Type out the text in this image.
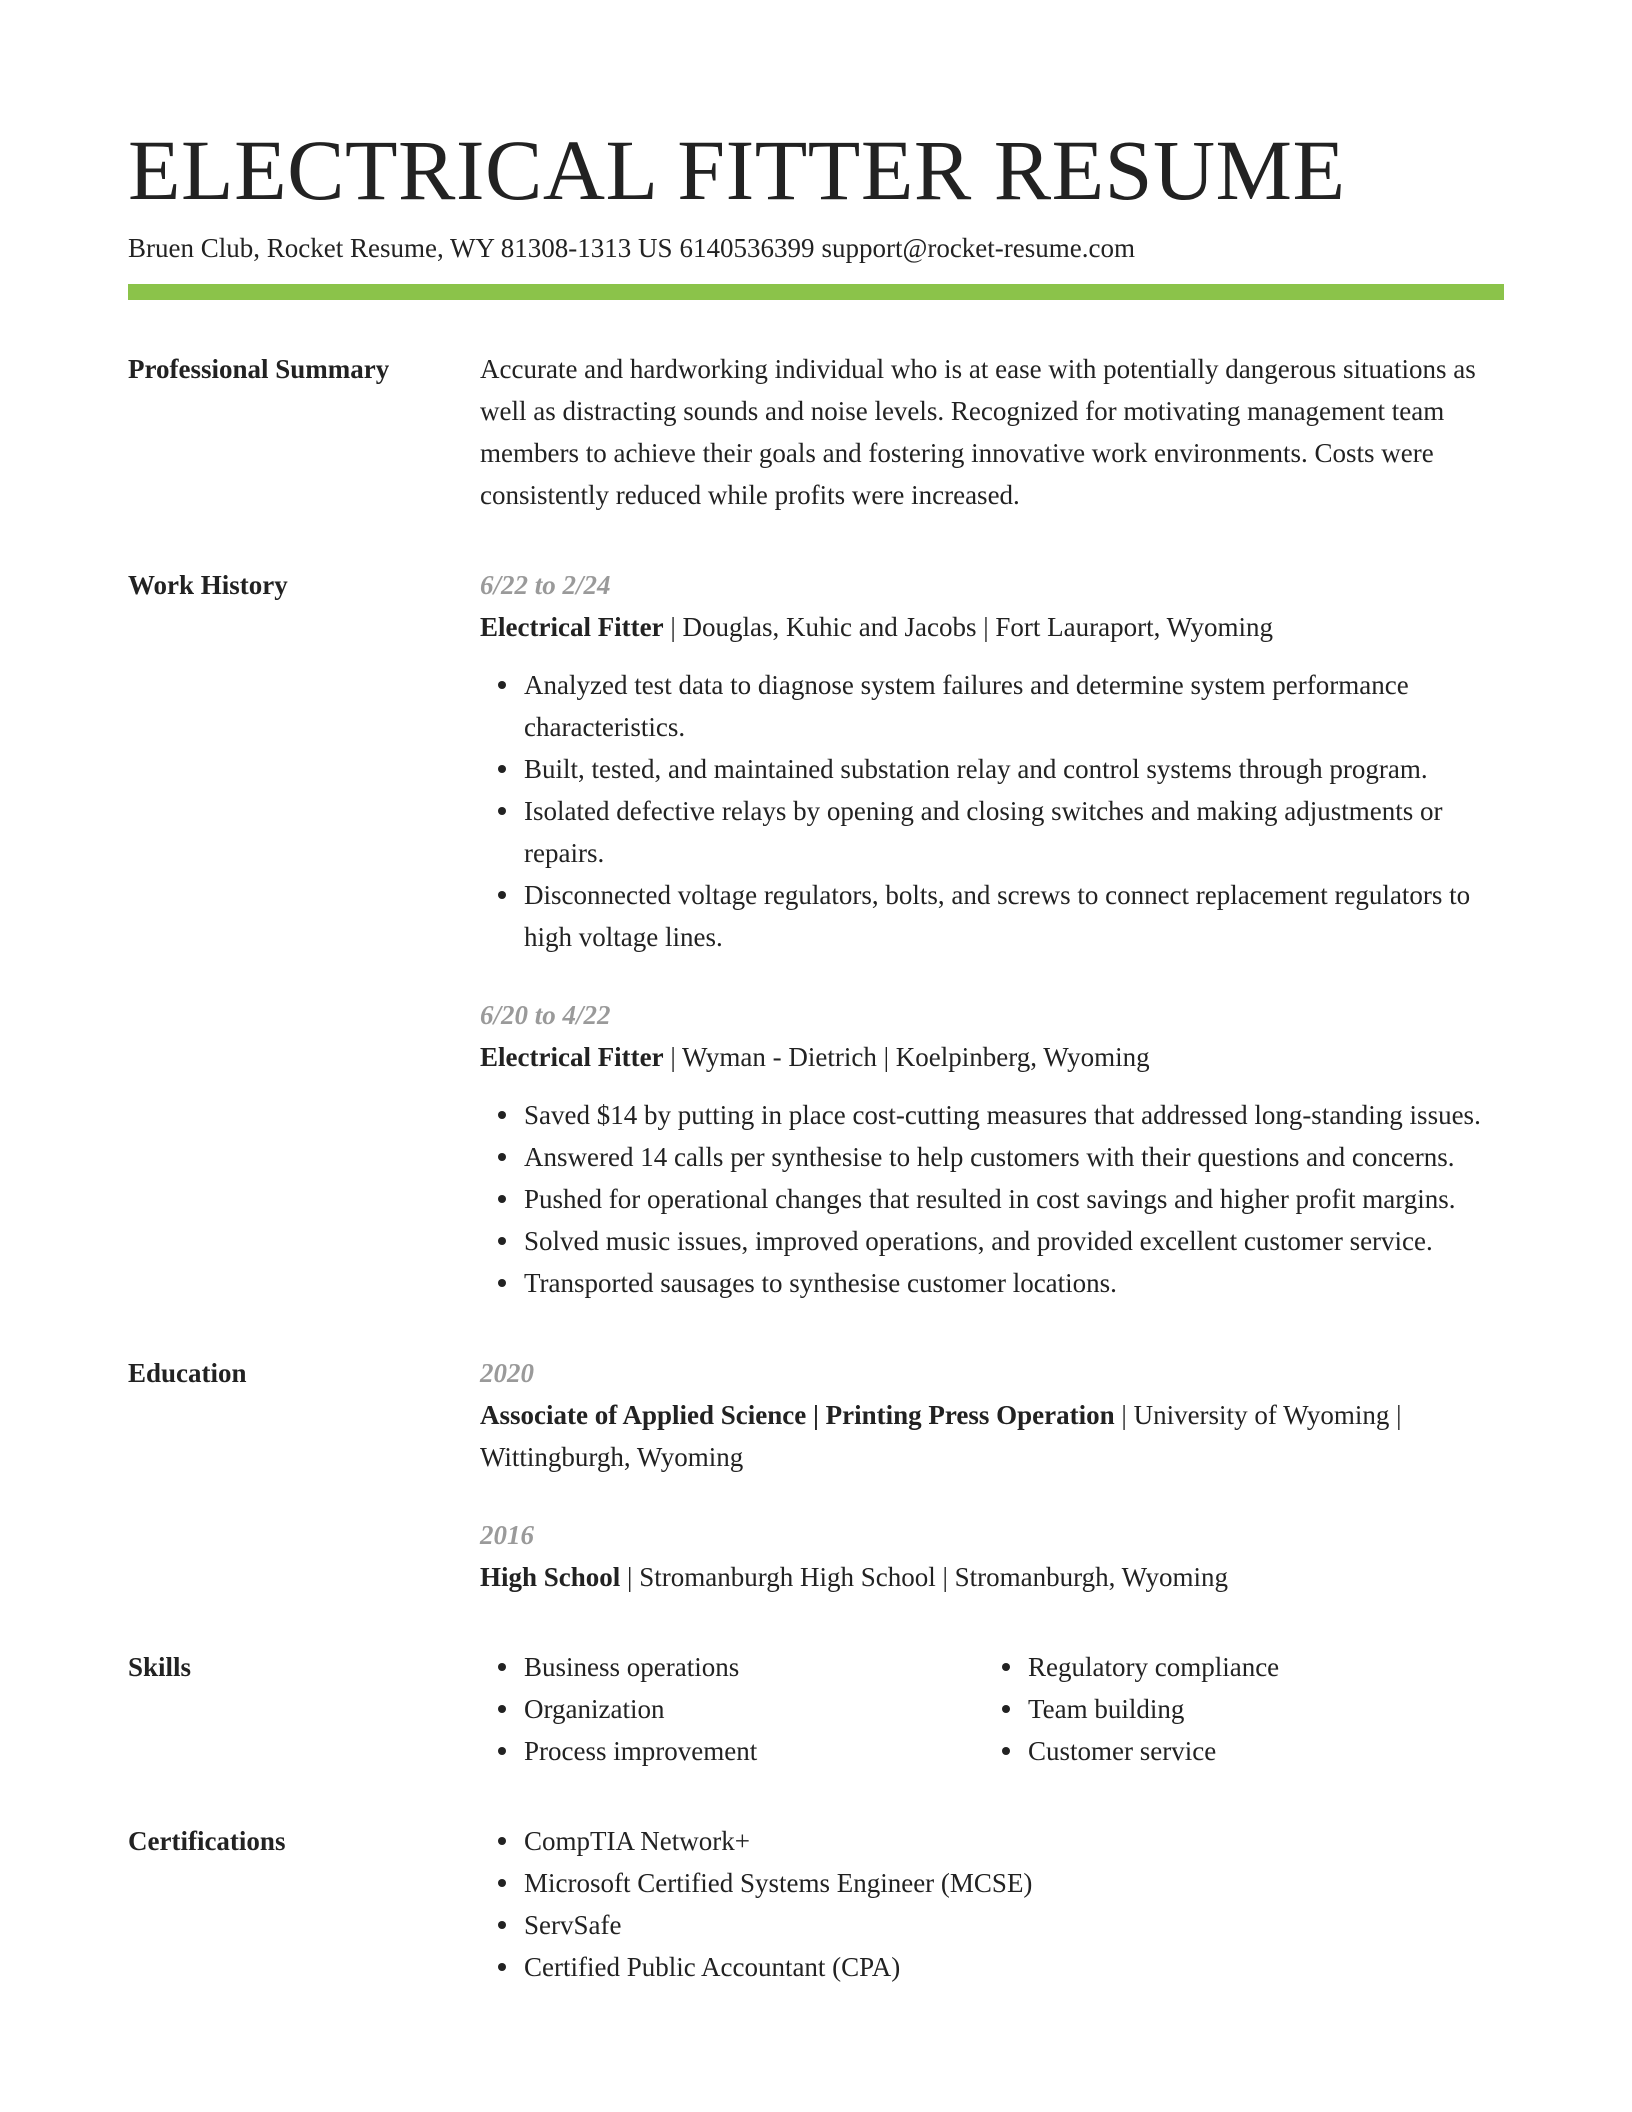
ELECTRICAL FITTER RESUME
Bruen Club, Rocket Resume, WY 81308-1313 US 6140536399 support@rocket-resume.com
Professional Summary	Accurate and hardworking individual who is at ease with potentially dangerous situations as well as distracting sounds and noise levels. Recognized for motivating management team members to achieve their goals and fostering innovative work environments. Costs were consistently reduced while profits were increased.

Work History	6/22 to 2/24
Electrical Fitter | Douglas, Kuhic and Jacobs | Fort Lauraport, Wyoming
Analyzed test data to diagnose system failures and determine system performance characteristics.
Built, tested, and maintained substation relay and control systems through program.
Isolated defective relays by opening and closing switches and making adjustments or repairs.
Disconnected voltage regulators, bolts, and screws to connect replacement regulators to high voltage lines.
6/20 to 4/22
Electrical Fitter | Wyman - Dietrich | Koelpinberg, Wyoming
Saved $14 by putting in place cost-cutting measures that addressed long-standing issues.
Answered 14 calls per synthesise to help customers with their questions and concerns.
Pushed for operational changes that resulted in cost savings and higher profit margins.
Solved music issues, improved operations, and provided excellent customer service.
Transported sausages to synthesise customer locations.
Education	2020
Associate of Applied Science | Printing Press Operation | University of Wyoming | Wittingburgh, Wyoming
2016
High School | Stromanburgh High School | Stromanburgh, Wyoming
Skills	Business operations
Organization
Process improvement
Regulatory compliance
Team building
Customer service
Certifications	CompTIA Network+
Microsoft Certified Systems Engineer (MCSE)
ServSafe
Certified Public Accountant (CPA)
